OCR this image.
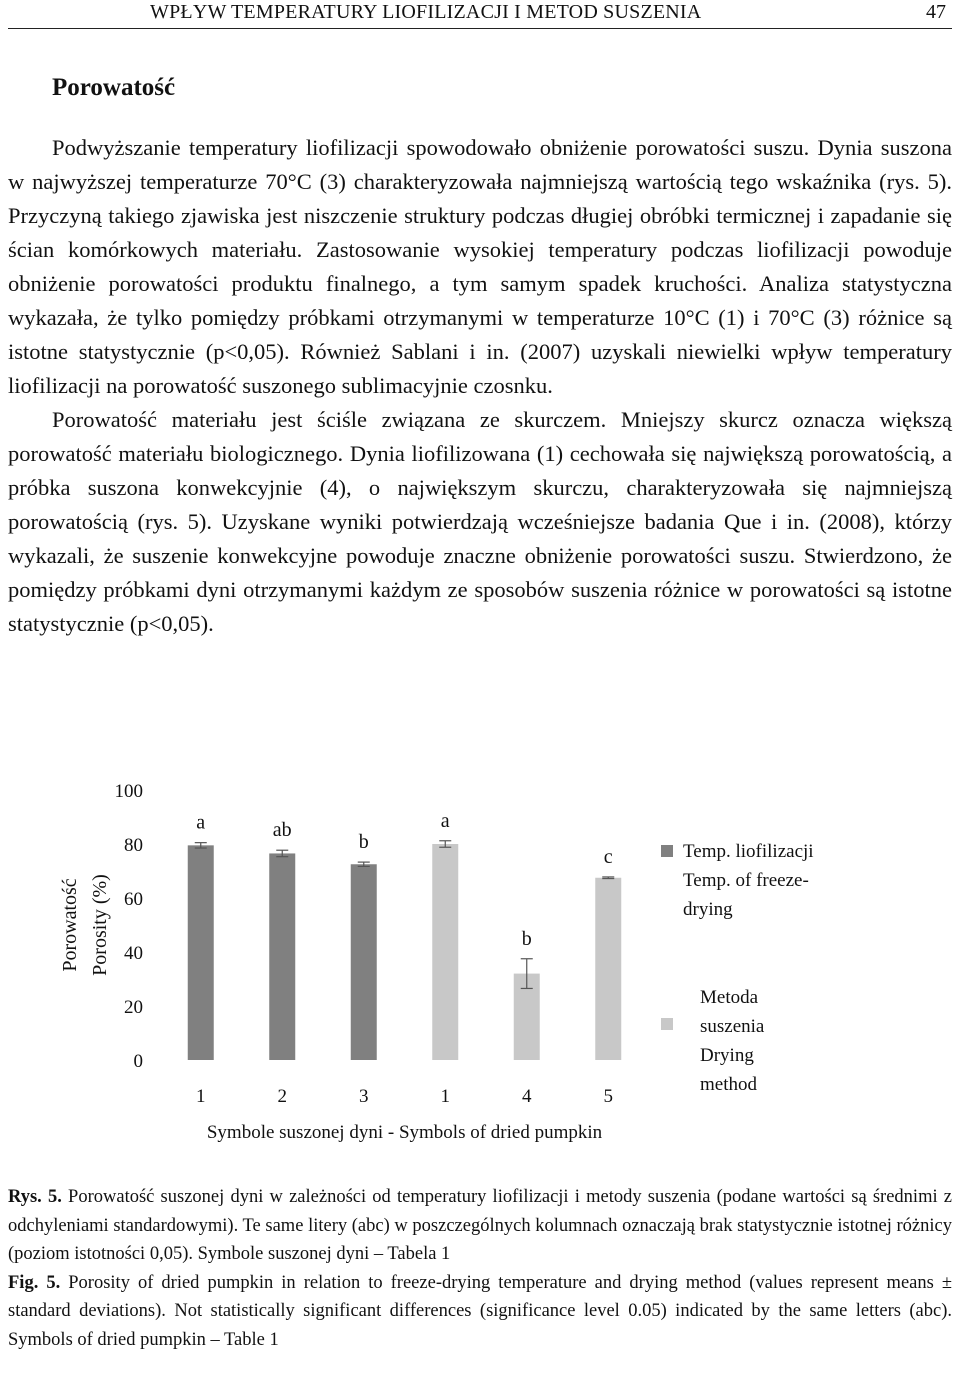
WPŁYW TEMPERATURY LIOFILIZACJI I METOD SUSZENIA	47
Porowatość

Podwyższanie temperatury liofilizacji spowodowało obniżenie porowatości suszu. Dynia suszona w najwyższej temperaturze 70°C (3) charakteryzowała najmniejszą wartością tego wskaźnika (rys. 5). Przyczyną takiego zjawiska jest niszczenie struktury podczas długiej obróbki termicznej i zapadanie się ścian komórkowych materiału. Zastosowanie wysokiej temperatury podczas liofilizacji powoduje obniżenie porowatości produktu finalnego, a tym samym spadek kruchości. Analiza statystyczna wykazała, że tylko pomiędzy próbkami otrzymanymi w temperaturze 10°C (1) i 70°C (3) różnice są istotne statystycznie (p<0,05). Również Sablani i in. (2007) uzyskali niewielki wpływ temperatury liofilizacji na porowatość suszonego sublimacyjnie czosnku.

Porowatość materiału jest ściśle związana ze skurczem. Mniejszy skurcz oznacza większą porowatość materiału biologicznego. Dynia liofilizowana (1) cechowała się największą porowatością, a próbka suszona konwekcyjnie (4), o największym skurczu, charakteryzowała się najmniejszą porowatością (rys. 5). Uzyskane wyniki potwierdzają wcześniejsze badania Que i in. (2008), którzy wykazali, że suszenie konwekcyjne powoduje znaczne obniżenie porowatości suszu. Stwierdzono, że pomiędzy próbkami dyni otrzymanymi każdym ze sposobów suszenia różnice w porowatości są istotne statystycznie (p<0,05).

100
80
60
40
20
0
Porowatość Porosity (%)
a
1
ab
2
b
3
a
1
b
4
c
5
Symbole suszonej dyni - Symbols of dried pumpkin
Temp. liofilizacji
Temp. of freeze-
drying
Metoda
suszenia
Drying
method

Rys. 5. Porowatość suszonej dyni w zależności od temperatury liofilizacji i metody suszenia (podane wartości są średnimi z odchyleniami standardowymi). Te same litery (abc) w poszczególnych kolumnach oznaczają brak statystycznie istotnej różnicy (poziom istotności 0,05). Symbole suszonej dyni – Tabela 1

Fig. 5. Porosity of dried pumpkin in relation to freeze-drying temperature and drying method (values represent means ± standard deviations). Not statistically significant differences (significance level 0.05) indicated by the same letters (abc). Symbols of dried pumpkin – Table 1
